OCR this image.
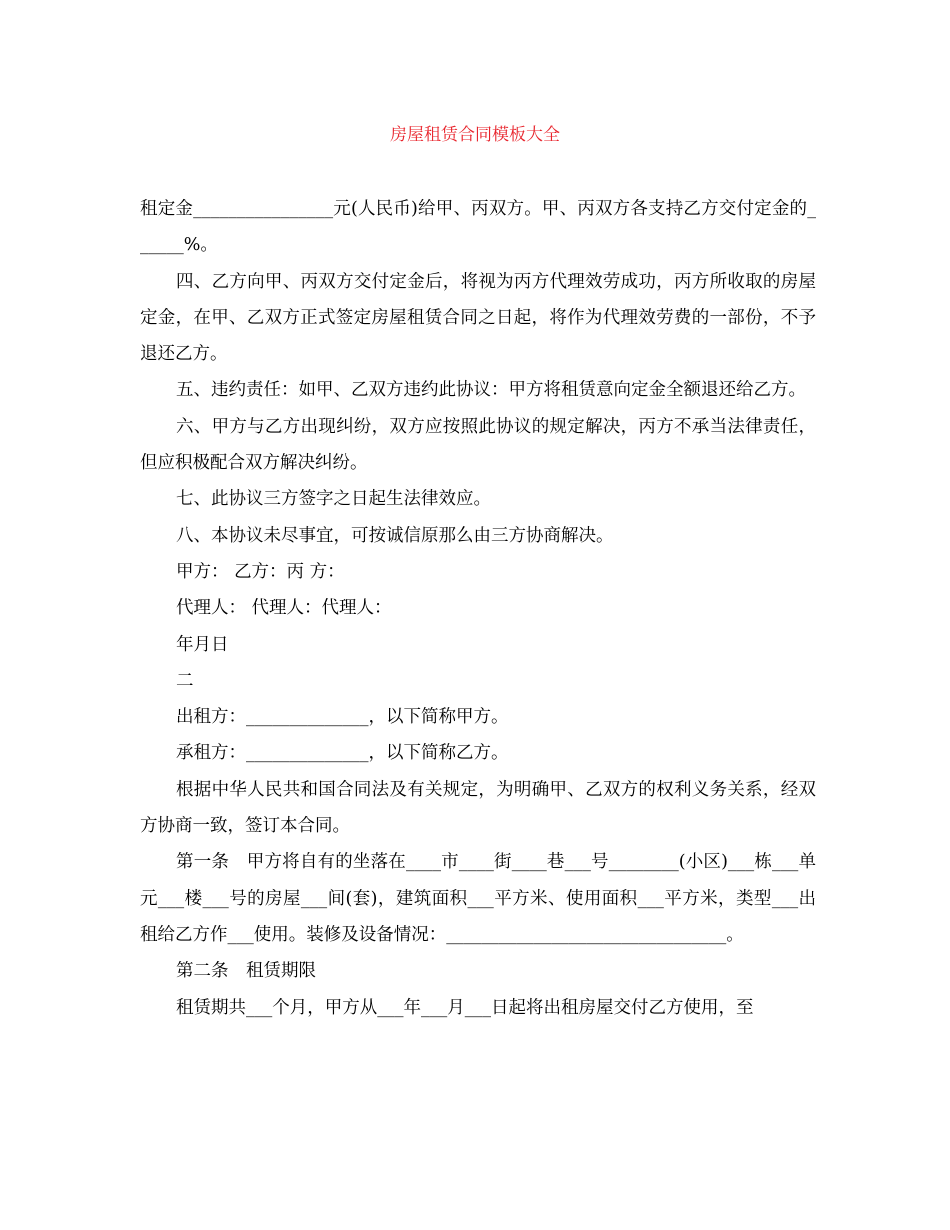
房屋租赁合同模板大全

租定金________________元(人民币)给甲、丙双方。甲、丙双方各支持乙方交付定金的______%。

四、乙方向甲、丙双方交付定金后，将视为丙方代理效劳成功，丙方所收取的房屋定金，在甲、乙双方正式签定房屋租赁合同之日起，将作为代理效劳费的一部份，不予退还乙方。

五、违约责任：如甲、乙双方违约此协议：甲方将租赁意向定金全额退还给乙方。

六、甲方与乙方出现纠纷，双方应按照此协议的规定解决，丙方不承当法律责任，但应积极配合双方解决纠纷。

七、此协议三方签字之日起生法律效应。

八、本协议未尽事宜，可按诚信原那么由三方协商解决。

甲方： 乙方：丙 方：

代理人： 代理人：代理人：

年月日

二

出租方：______________，以下简称甲方。

承租方：______________，以下简称乙方。

根据中华人民共和国合同法及有关规定，为明确甲、乙双方的权利义务关系，经双方协商一致，签订本合同。

第一条　甲方将自有的坐落在____市____街____巷___号________(小区)___栋___单元___楼___号的房屋___间(套)，建筑面积___平方米、使用面积___平方米，类型___出租给乙方作___使用。装修及设备情况：________________________________。

第二条　租赁期限

租赁期共___个月，甲方从___年___月___日起将出租房屋交付乙方使用，至
